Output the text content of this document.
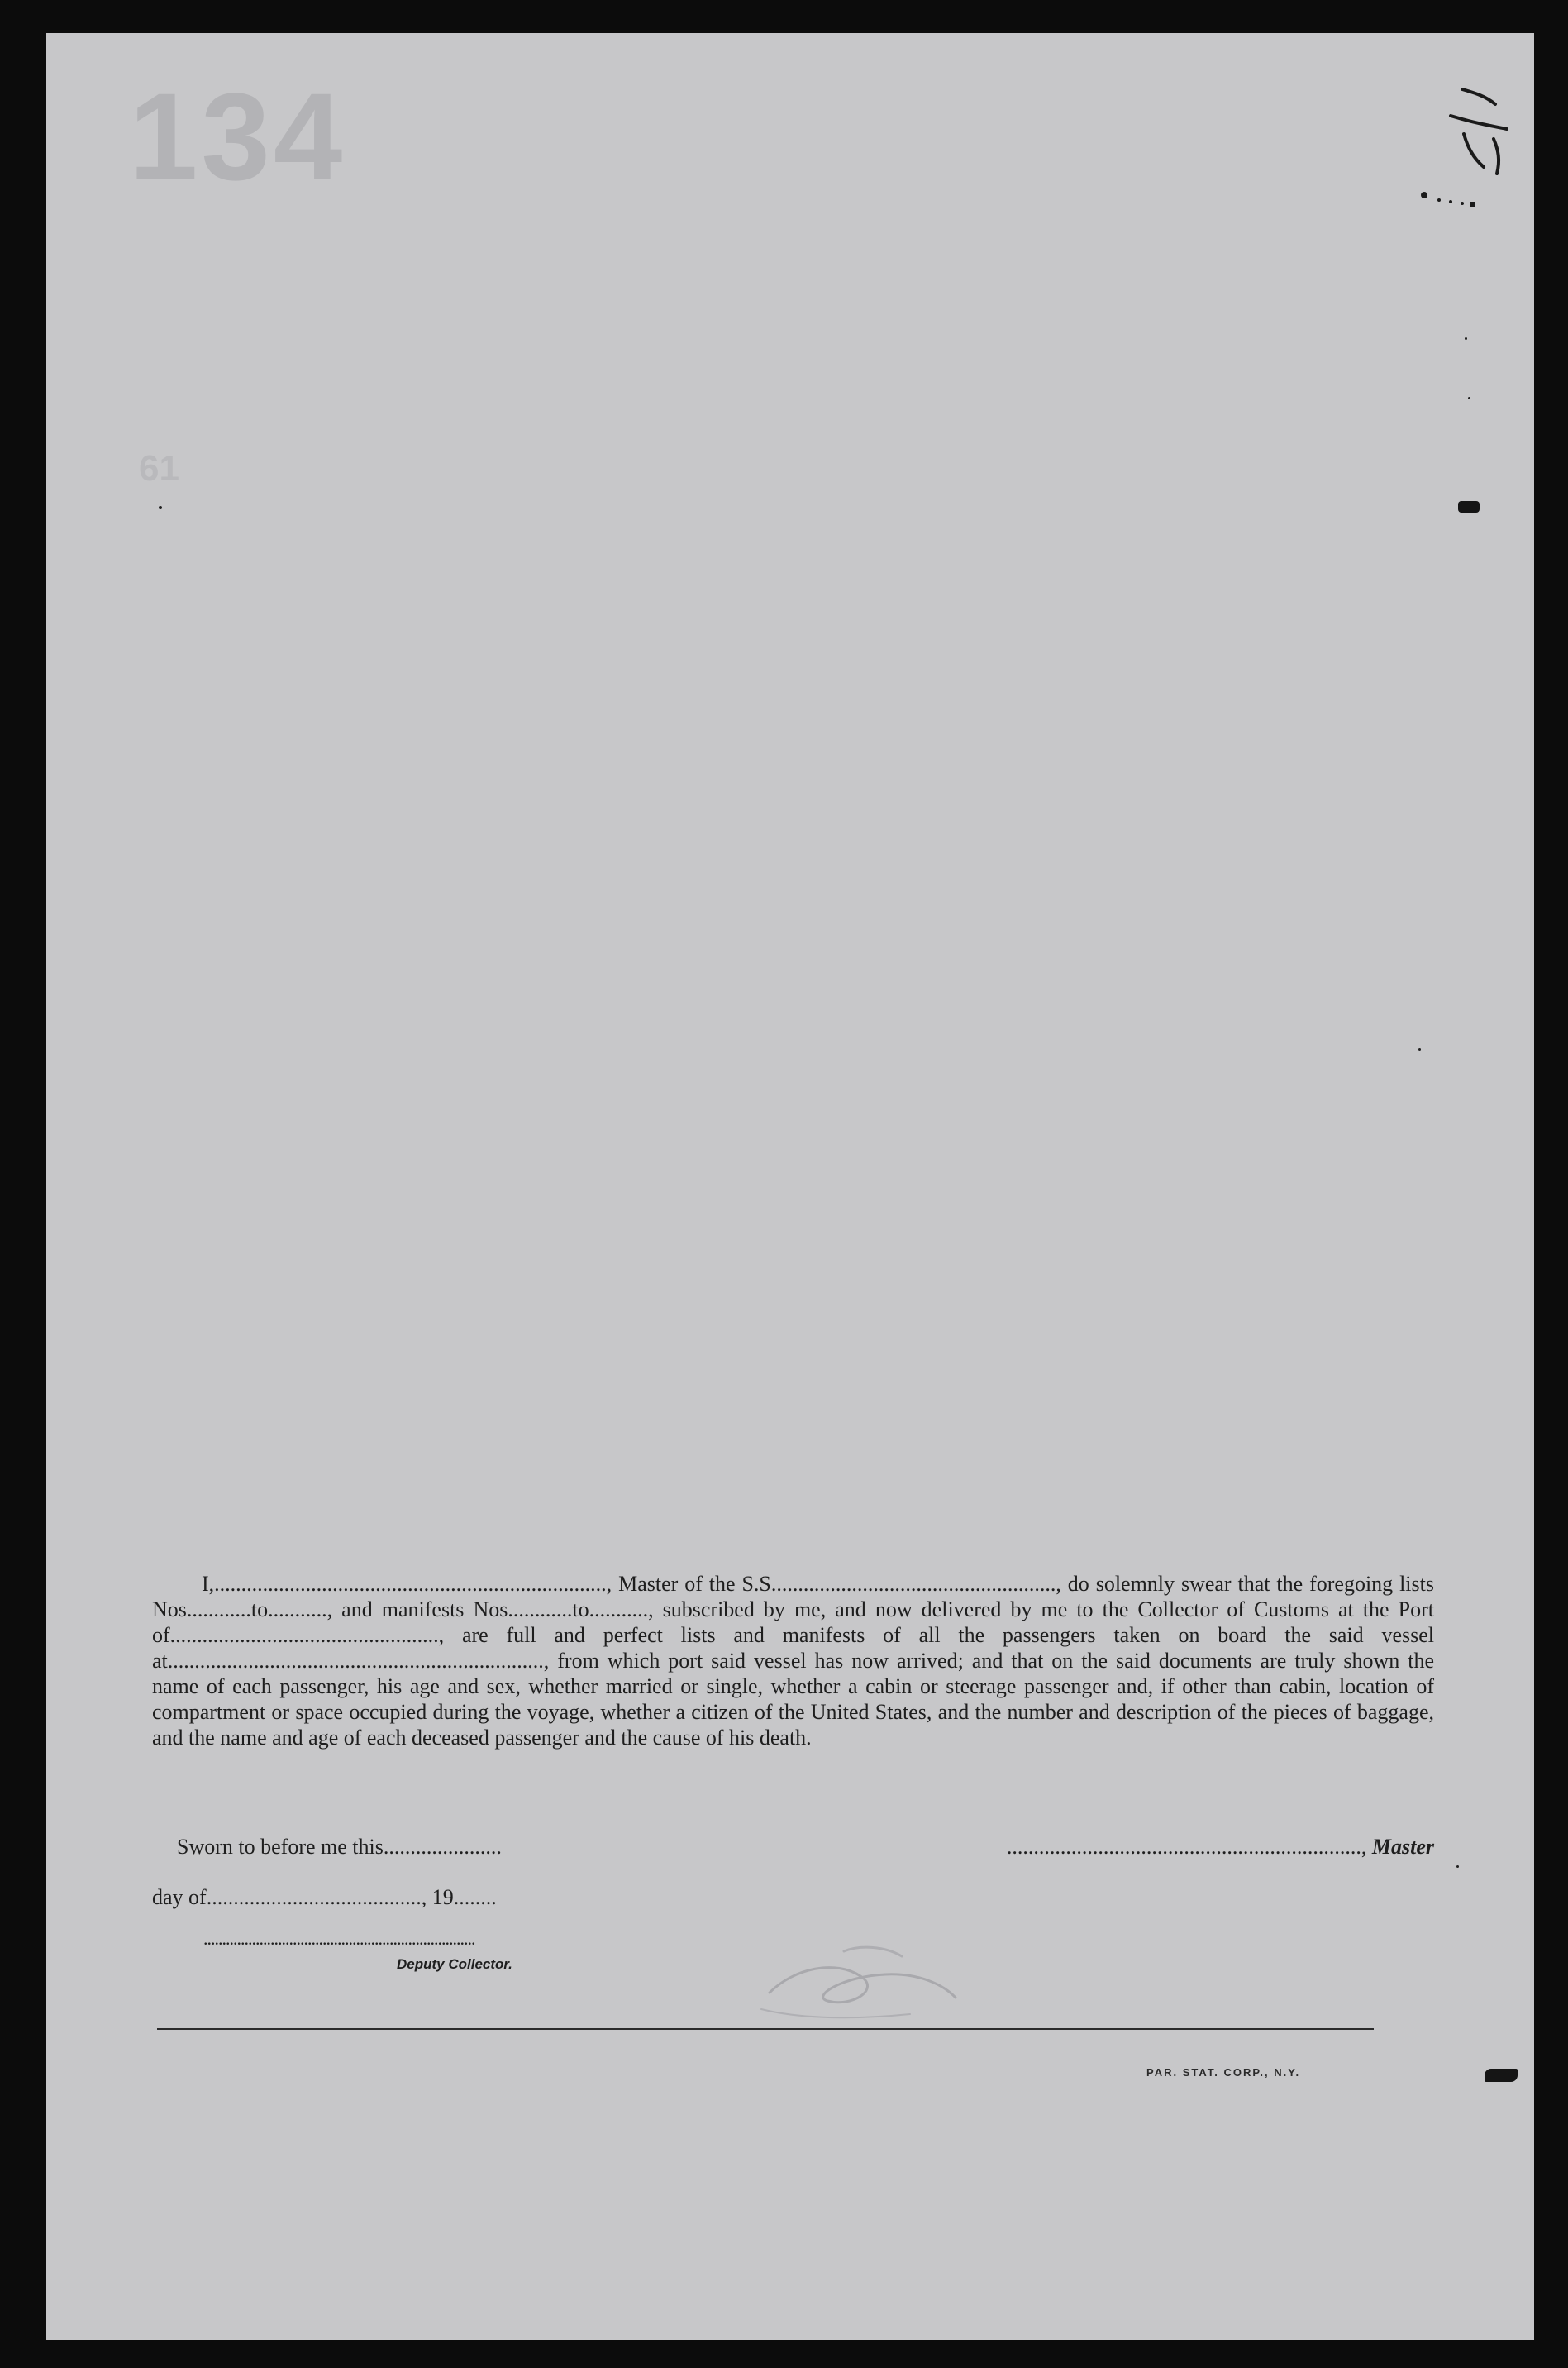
134
61

I,........................................................................., Master of the S.S....................................................., do solemnly swear that the foregoing lists Nos............to..........., and manifests Nos............to..........., subscribed by me, and now delivered by me to the Collector of Customs at the Port of.................................................., are full and perfect lists and manifests of all the passengers taken on board the said vessel at......................................................................, from which port said vessel has now arrived; and that on the said documents are truly shown the name of each passenger, his age and sex, whether married or single, whether a cabin or steerage passenger and, if other than cabin, location of compartment or space occupied during the voyage, whether a citizen of the United States, and the number and description of the pieces of baggage, and the name and age of each deceased passenger and the cause of his death.

Sworn to before me this......................	.................................................................., Master
day of........................................, 19........
.........................................................................
Deputy Collector.
PAR. STAT. CORP., N.Y.
